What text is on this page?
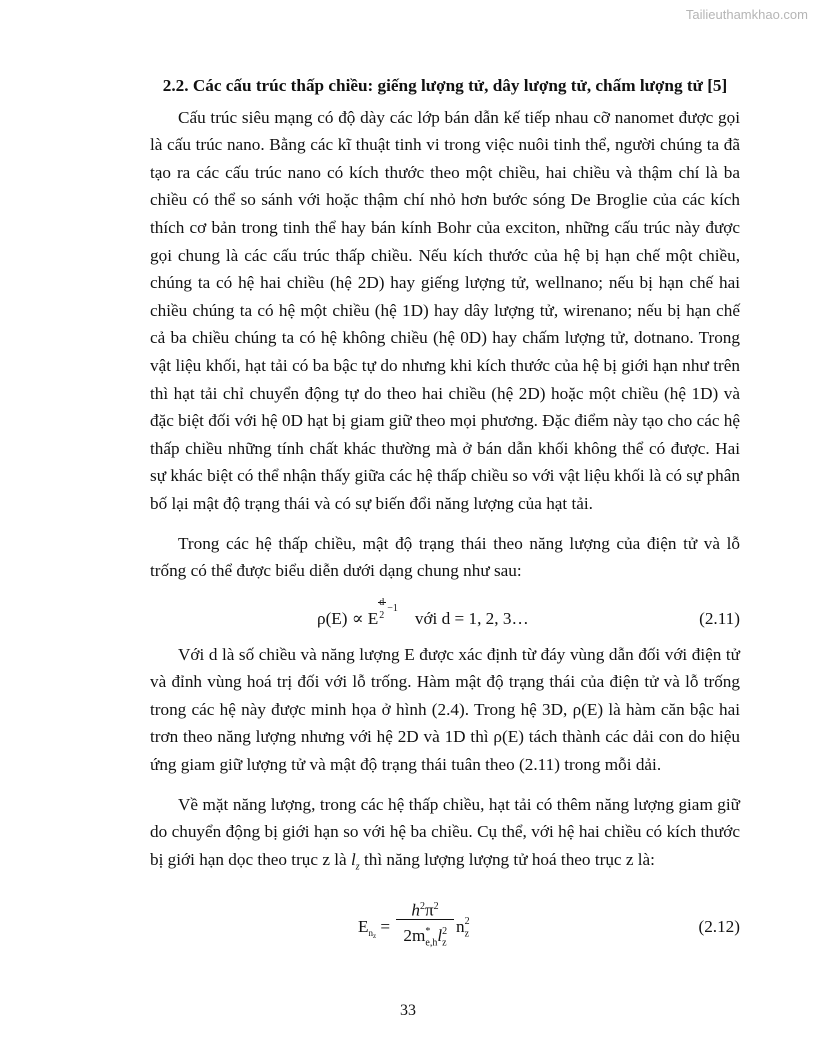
Tailieuthamkhao.com
2.2. Các cấu trúc thấp chiều: giếng lượng tử, dây lượng tử, chấm lượng tử [5]

Cấu trúc siêu mạng có độ dày các lớp bán dẫn kế tiếp nhau cỡ nanomet được gọi là cấu trúc nano. Bằng các kĩ thuật tinh vi trong việc nuôi tinh thể, người chúng ta đã tạo ra các cấu trúc nano có kích thước theo một chiều, hai chiều và thậm chí là ba chiều có thể so sánh với hoặc thậm chí nhỏ hơn bước sóng De Broglie của các kích thích cơ bản trong tinh thể hay bán kính Bohr của exciton, những cấu trúc này được gọi chung là các cấu trúc thấp chiều. Nếu kích thước của hệ bị hạn chế một chiều, chúng ta có hệ hai chiều (hệ 2D) hay giếng lượng tử, wellnano; nếu bị hạn chế hai chiều chúng ta có hệ một chiều (hệ 1D) hay dây lượng tử, wirenano; nếu bị hạn chế cả ba chiều chúng ta có hệ không chiều (hệ 0D) hay chấm lượng tử, dotnano. Trong vật liệu khối, hạt tải có ba bậc tự do nhưng khi kích thước của hệ bị giới hạn như trên thì hạt tải chỉ chuyển động tự do theo hai chiều (hệ 2D) hoặc một chiều (hệ 1D) và đặc biệt đối với hệ 0D hạt bị giam giữ theo mọi phương. Đặc điểm này tạo cho các hệ thấp chiều những tính chất khác thường mà ở bán dẫn khối không thể có được. Hai sự khác biệt có thể nhận thấy giữa các hệ thấp chiều so với vật liệu khối là có sự phân bố lại mật độ trạng thái và có sự biến đổi năng lượng của hạt tải.

Trong các hệ thấp chiều, mật độ trạng thái theo năng lượng của điện tử và lỗ trống có thể được biểu diễn dưới dạng chung như sau:

ρ(E) ∝ E
d
2
−1
với d = 1, 2, 3…	(2.11)

Với d là số chiều và năng lượng E được xác định từ đáy vùng dẫn đối với điện tử và đỉnh vùng hoá trị đối với lỗ trống. Hàm mật độ trạng thái của điện tử và lỗ trống trong các hệ này được minh họa ở hình (2.4). Trong hệ 3D, ρ(E) là hàm căn bậc hai trơn theo năng lượng nhưng với hệ 2D và 1D thì ρ(E) tách thành các dải con do hiệu ứng giam giữ lượng tử và mật độ trạng thái tuân theo (2.11) trong mỗi dải.

Về mặt năng lượng, trong các hệ thấp chiều, hạt tải có thêm năng lượng giam giữ do chuyển động bị giới hạn so với hệ ba chiều. Cụ thể, với hệ hai chiều có kích thước bị giới hạn dọc theo trục z là $l_z$ thì năng lượng lượng tử hoá theo trục z là:

$E_{n_z}$ =
$h^2\pi^2$
2m *
$_{e,h}$l 2
$_z$
n 2
$_z$	(2.12)
33
